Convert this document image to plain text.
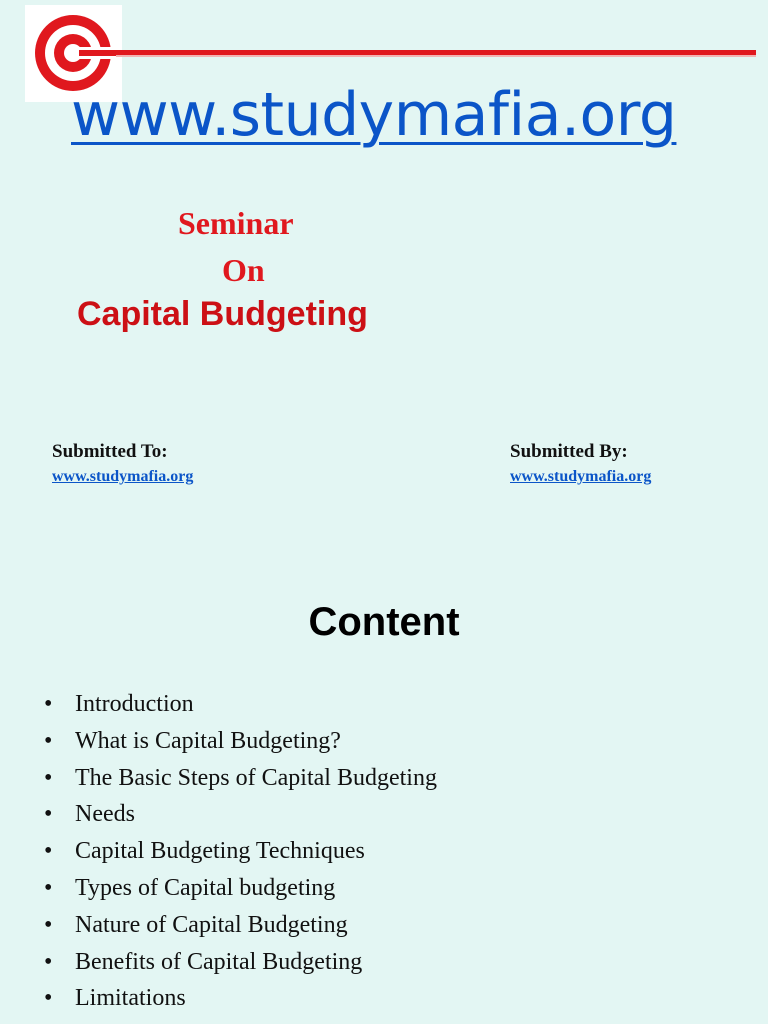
www.studymafia.org
Seminar
On
Capital Budgeting
Submitted To:
www.studymafia.org
Submitted By:
www.studymafia.org
Content
• Introduction
• What is Capital Budgeting?
• The Basic Steps of Capital Budgeting
• Needs
• Capital Budgeting Techniques
• Types of Capital budgeting
• Nature of Capital Budgeting
• Benefits of Capital Budgeting
• Limitations
